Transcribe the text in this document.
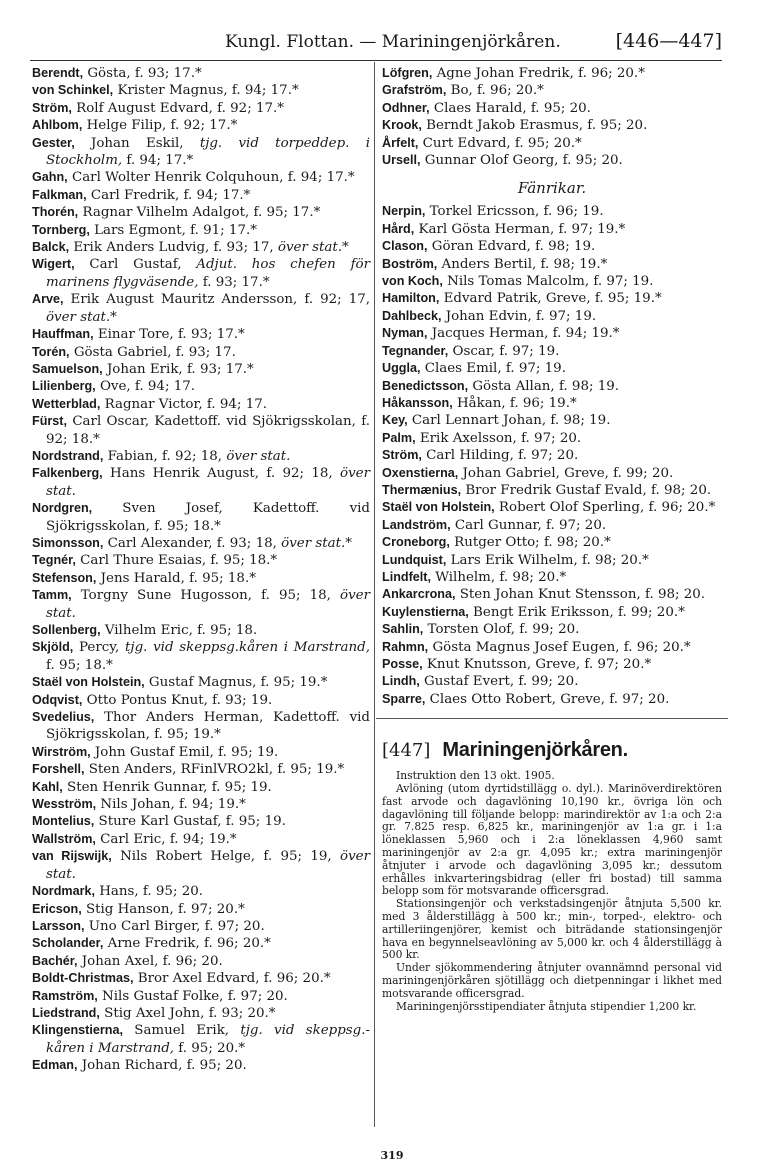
Kungl. Flottan. — Mariningenjörkåren.	[446—447]

Berendt, Gösta, f. 93; 17.*

von Schinkel, Krister Magnus, f. 94; 17.*

Ström, Rolf August Edvard, f. 92; 17.*

Ahlbom, Helge Filip, f. 92; 17.*

Gester, Johan Eskil, tjg. vid torpeddep. i Stockholm, f. 94; 17.*

Gahn, Carl Wolter Henrik Colquhoun, f. 94; 17.*

Falkman, Carl Fredrik, f. 94; 17.*

Thorén, Ragnar Vilhelm Adalgot, f. 95; 17.*

Tornberg, Lars Egmont, f. 91; 17.*

Balck, Erik Anders Ludvig, f. 93; 17, över stat.*

Wigert, Carl Gustaf, Adjut. hos chefen för marinens flygväsende, f. 93; 17.*

Arve, Erik August Mauritz Andersson, f. 92; 17, över stat.*

Hauffman, Einar Tore, f. 93; 17.*

Torén, Gösta Gabriel, f. 93; 17.

Samuelson, Johan Erik, f. 93; 17.*

Lilienberg, Ove, f. 94; 17.

Wetterblad, Ragnar Victor, f. 94; 17.

Fürst, Carl Oscar, Kadettoff. vid Sjökrigsskolan, f. 92; 18.*

Nordstrand, Fabian, f. 92; 18, över stat.

Falkenberg, Hans Henrik August, f. 92; 18, över stat.

Nordgren, Sven Josef, Kadettoff. vid Sjökrigsskolan, f. 95; 18.*

Simonsson, Carl Alexander, f. 93; 18, över stat.*

Tegnér, Carl Thure Esaias, f. 95; 18.*

Stefenson, Jens Harald, f. 95; 18.*

Tamm, Torgny Sune Hugosson, f. 95; 18, över stat.

Sollenberg, Vilhelm Eric, f. 95; 18.

Skjöld, Percy, tjg. vid skeppsg.kåren i Marstrand, f. 95; 18.*

Staël von Holstein, Gustaf Magnus, f. 95; 19.*

Odqvist, Otto Pontus Knut, f. 93; 19.

Svedelius, Thor Anders Herman, Kadettoff. vid Sjökrigsskolan, f. 95; 19.*

Wirström, John Gustaf Emil, f. 95; 19.

Forshell, Sten Anders, RFinlVRO2kl, f. 95; 19.*

Kahl, Sten Henrik Gunnar, f. 95; 19.

Wesström, Nils Johan, f. 94; 19.*

Montelius, Sture Karl Gustaf, f. 95; 19.

Wallström, Carl Eric, f. 94; 19.*

van Rijswijk, Nils Robert Helge, f. 95; 19, över stat.

Nordmark, Hans, f. 95; 20.

Ericson, Stig Hanson, f. 97; 20.*

Larsson, Uno Carl Birger, f. 97; 20.

Scholander, Arne Fredrik, f. 96; 20.*

Bachér, Johan Axel, f. 96; 20.

Boldt-Christmas, Bror Axel Edvard, f. 96; 20.*

Ramström, Nils Gustaf Folke, f. 97; 20.

Liedstrand, Stig Axel John, f. 93; 20.*

Klingenstierna, Samuel Erik, tjg. vid skeppsg.-kåren i Marstrand, f. 95; 20.*

Edman, Johan Richard, f. 95; 20.

Löfgren, Agne Johan Fredrik, f. 96; 20.*

Grafström, Bo, f. 96; 20.*

Odhner, Claes Harald, f. 95; 20.

Krook, Berndt Jakob Erasmus, f. 95; 20.

Årfelt, Curt Edvard, f. 95; 20.*

Ursell, Gunnar Olof Georg, f. 95; 20.

Fänrikar.

Nerpin, Torkel Ericsson, f. 96; 19.

Hård, Karl Gösta Herman, f. 97; 19.*

Clason, Göran Edvard, f. 98; 19.

Boström, Anders Bertil, f. 98; 19.*

von Koch, Nils Tomas Malcolm, f. 97; 19.

Hamilton, Edvard Patrik, Greve, f. 95; 19.*

Dahlbeck, Johan Edvin, f. 97; 19.

Nyman, Jacques Herman, f. 94; 19.*

Tegnander, Oscar, f. 97; 19.

Uggla, Claes Emil, f. 97; 19.

Benedictsson, Gösta Allan, f. 98; 19.

Håkansson, Håkan, f. 96; 19.*

Key, Carl Lennart Johan, f. 98; 19.

Palm, Erik Axelsson, f. 97; 20.

Ström, Carl Hilding, f. 97; 20.

Oxenstierna, Johan Gabriel, Greve, f. 99; 20.

Thermænius, Bror Fredrik Gustaf Evald, f. 98; 20.

Staël von Holstein, Robert Olof Sperling, f. 96; 20.*

Landström, Carl Gunnar, f. 97; 20.

Croneborg, Rutger Otto; f. 98; 20.*

Lundquist, Lars Erik Wilhelm, f. 98; 20.*

Lindfelt, Wilhelm, f. 98; 20.*

Ankarcrona, Sten Johan Knut Stensson, f. 98; 20.

Kuylenstierna, Bengt Erik Eriksson, f. 99; 20.*

Sahlin, Torsten Olof, f. 99; 20.

Rahmn, Gösta Magnus Josef Eugen, f. 96; 20.*

Posse, Knut Knutsson, Greve, f. 97; 20.*

Lindh, Gustaf Evert, f. 99; 20.

Sparre, Claes Otto Robert, Greve, f. 97; 20.

[447] Mariningenjörkåren.

Instruktion den 13 okt. 1905.

Avlöning (utom dyrtidstillägg o. dyl.). Marinöverdirektören fast arvode och dagavlöning 10,190 kr., övriga lön och dagavlöning till följande belopp: marindirektör av 1:a och 2:a gr. 7.825 resp. 6,825 kr., mariningenjör av 1:a gr. i 1:a löneklassen 5,960 och i 2:a löneklassen 4,960 samt mariningenjör av 2:a gr. 4,095 kr.; extra mariningenjör åtnjuter i arvode och dagavlöning 3,095 kr.; dessutom erhålles inkvarteringsbidrag (eller fri bostad) till samma belopp som för motsvarande officersgrad.

Stationsingenjör och verkstadsingenjör åtnjuta 5,500 kr. med 3 ålderstillägg à 500 kr.; min-, torped-, elektro- och artilleriingenjörer, kemist och biträdande stationsingenjör hava en begynnelseavlöning av 5,000 kr. och 4 ålderstillägg à 500 kr.

Under sjökommendering åtnjuter ovannämnd personal vid mariningenjörkåren sjötillägg och dietpenningar i likhet med motsvarande officersgrad.

Mariningenjörsstipendiater åtnjuta stipendier 1,200 kr.

319
